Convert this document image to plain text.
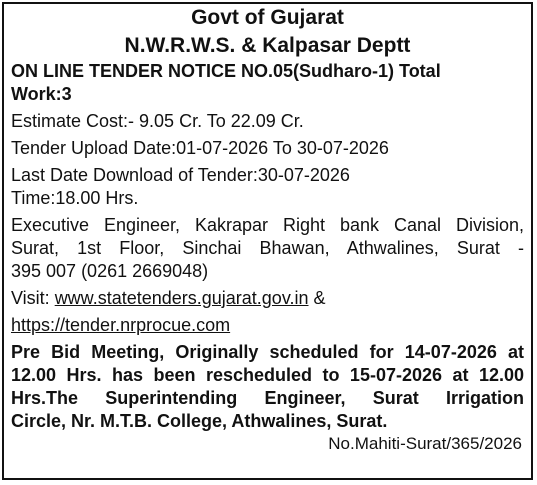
Govt of Gujarat
N.W.R.W.S. & Kalpasar Deptt
ON LINE TENDER NOTICE NO.05(Sudharo-1) Total
Work:3
Estimate Cost:- 9.05 Cr. To 22.09 Cr.
Tender Upload Date:01-07-2026 To 30-07-2026
Last Date Download of Tender:30-07-2026
Time:18.00 Hrs.
Executive Engineer, Kakrapar Right bank Canal Division,
Surat, 1st Floor, Sinchai Bhawan, Athwalines, Surat -
395 007 (0261 2669048)
Visit: www.statetenders.gujarat.gov.in &
https://tender.nrprocue.com
Pre Bid Meeting, Originally scheduled for 14-07-2026 at
12.00 Hrs. has been rescheduled to 15-07-2026 at 12.00
Hrs.The Superintending Engineer, Surat Irrigation
Circle, Nr. M.T.B. College, Athwalines, Surat.
No.Mahiti-Surat/365/2026
